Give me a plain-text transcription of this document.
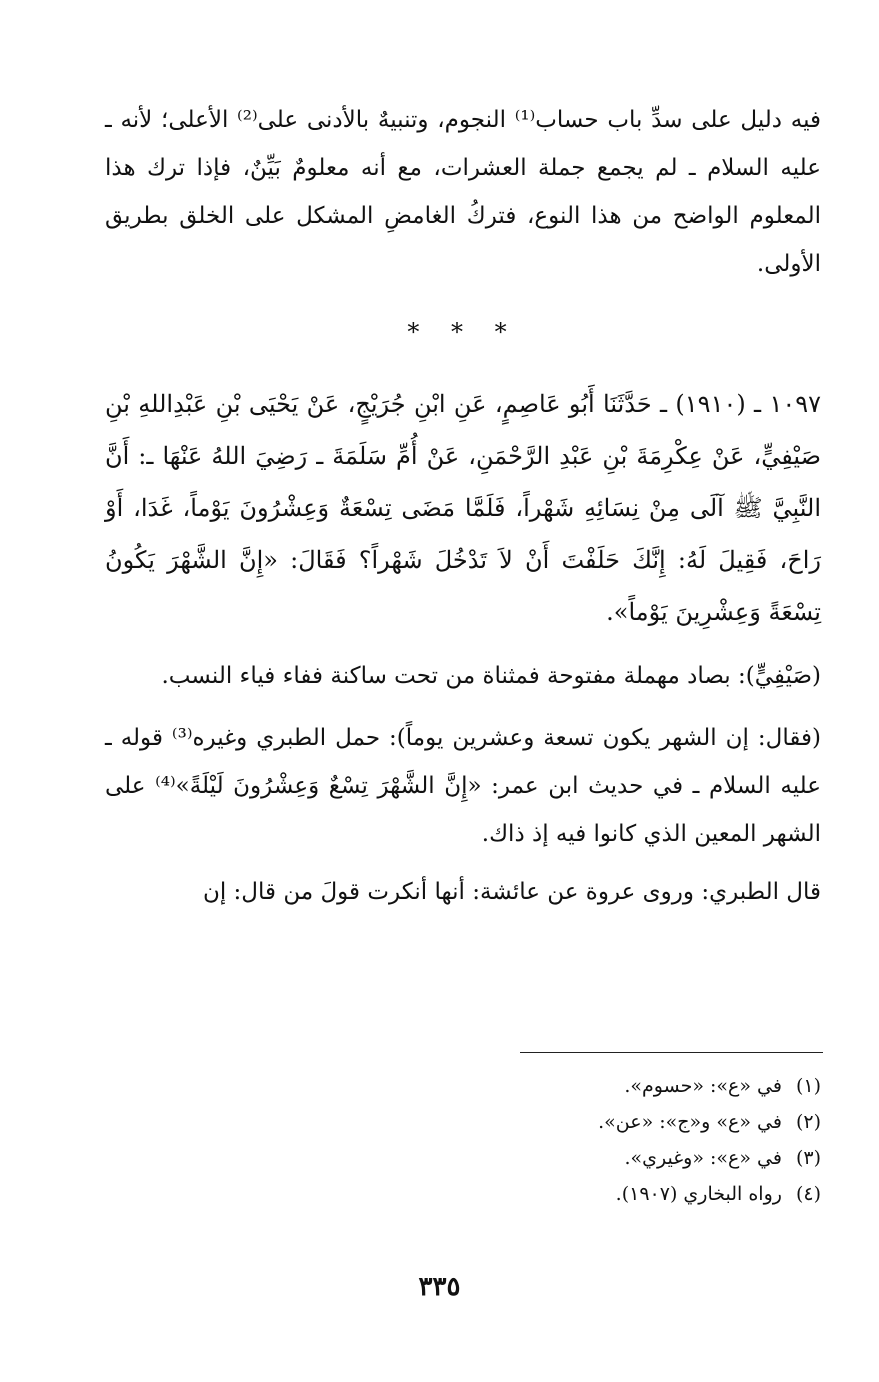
فيه دليل على سدِّ باب حساب⁽¹⁾ النجوم، وتنبيهٌ بالأدنى على⁽²⁾ الأعلى؛ لأنه ـ عليه السلام ـ لم يجمع جملة العشرات، مع أنه معلومٌ بَيِّنٌ، فإذا ترك هذا المعلوم الواضح من هذا النوع، فتركُ الغامضِ المشكل على الخلق بطريق الأولى.

* * *

١٠٩٧ ـ (١٩١٠) ـ حَدَّثَنَا أَبُو عَاصِمٍ، عَنِ ابْنِ جُرَيْجٍ، عَنْ يَحْيَى بْنِ عَبْدِاللهِ بْنِ صَيْفِيٍّ، عَنْ عِكْرِمَةَ بْنِ عَبْدِ الرَّحْمَنِ، عَنْ أُمِّ سَلَمَةَ ـ رَضِيَ اللهُ عَنْهَا ـ: أَنَّ النَّبِيَّ ﷺ آلَى مِنْ نِسَائِهِ شَهْراً، فَلَمَّا مَضَى تِسْعَةٌ وَعِشْرُونَ يَوْماً، غَدَا، أَوْ رَاحَ، فَقِيلَ لَهُ: إِنَّكَ حَلَفْتَ أَنْ لاَ تَدْخُلَ شَهْراً؟ فَقَالَ: «إِنَّ الشَّهْرَ يَكُونُ تِسْعَةً وَعِشْرِينَ يَوْماً».

(صَيْفِيٍّ): بصاد مهملة مفتوحة فمثناة من تحت ساكنة ففاء فياء النسب.

(فقال: إن الشهر يكون تسعة وعشرين يوماً): حمل الطبري وغيره⁽³⁾ قوله ـ عليه السلام ـ في حديث ابن عمر: «إِنَّ الشَّهْرَ تِسْعٌ وَعِشْرُونَ لَيْلَةً»⁽⁴⁾ على الشهر المعين الذي كانوا فيه إذ ذاك.

قال الطبري: وروى عروة عن عائشة: أنها أنكرت قولَ من قال: إن

(١)في «ع»: «حسوم».

(٢)في «ع» و«ج»: «عن».

(٣)في «ع»: «وغيري».

(٤)رواه البخاري (١٩٠٧).

٣٣٥
